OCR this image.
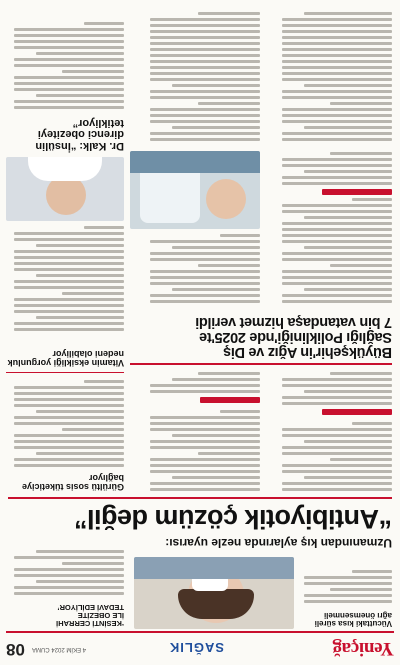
Yeniçağ
SAĞLIK
4 EKİM 2024 CUMA
08
Vücuttaki kısa süreli ağrı önemsenmeli
‘KESİNTİ CERRAHİ
İLE OBEZİTE
TEDAVİ EDİLİYOR’
Uzmanından kış aylarında nezle uyarısı:
“Antibiyotik çözüm değil”
Gürültü sosis tüketiciye bağlıyor
Vitamin eksikliği yorgunluk nedeni olabiliyor	Büyükşehir'in Ağız ve Diş
Sağlığı Polikliniği'nde 2025'te
7 bin vatandaşa hizmet verildi
Dr. Kalk: “İnsülin
direnci obeziteyi
tetikliyor”
